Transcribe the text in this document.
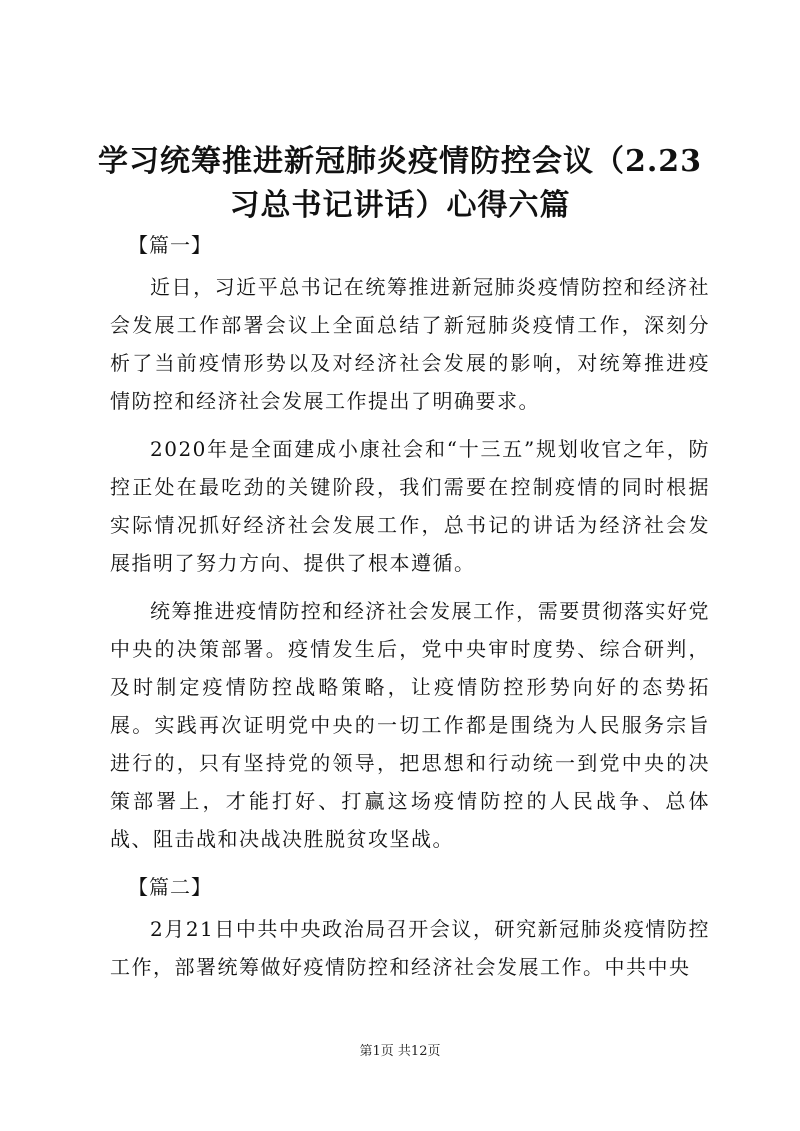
学习统筹推进新冠肺炎疫情防控会议（2.23
习总书记讲话）心得六篇
【篇一】

近日，习近平总书记在统筹推进新冠肺炎疫情防控和经济社会发展工作部署会议上全面总结了新冠肺炎疫情工作，深刻分析了当前疫情形势以及对经济社会发展的影响，对统筹推进疫情防控和经济社会发展工作提出了明确要求。

2020年是全面建成小康社会和“十三五”规划收官之年，防控正处在最吃劲的关键阶段，我们需要在控制疫情的同时根据实际情况抓好经济社会发展工作，总书记的讲话为经济社会发展指明了努力方向、提供了根本遵循。

统筹推进疫情防控和经济社会发展工作，需要贯彻落实好党中央的决策部署。疫情发生后，党中央审时度势、综合研判，及时制定疫情防控战略策略，让疫情防控形势向好的态势拓展。实践再次证明党中央的一切工作都是围绕为人民服务宗旨进行的，只有坚持党的领导，把思想和行动统一到党中央的决策部署上，才能打好、打赢这场疫情防控的人民战争、总体战、阻击战和决战决胜脱贫攻坚战。

【篇二】

2月21日中共中央政治局召开会议，研究新冠肺炎疫情防控工作，部署统筹做好疫情防控和经济社会发展工作。中共中央

第1页 共12页
